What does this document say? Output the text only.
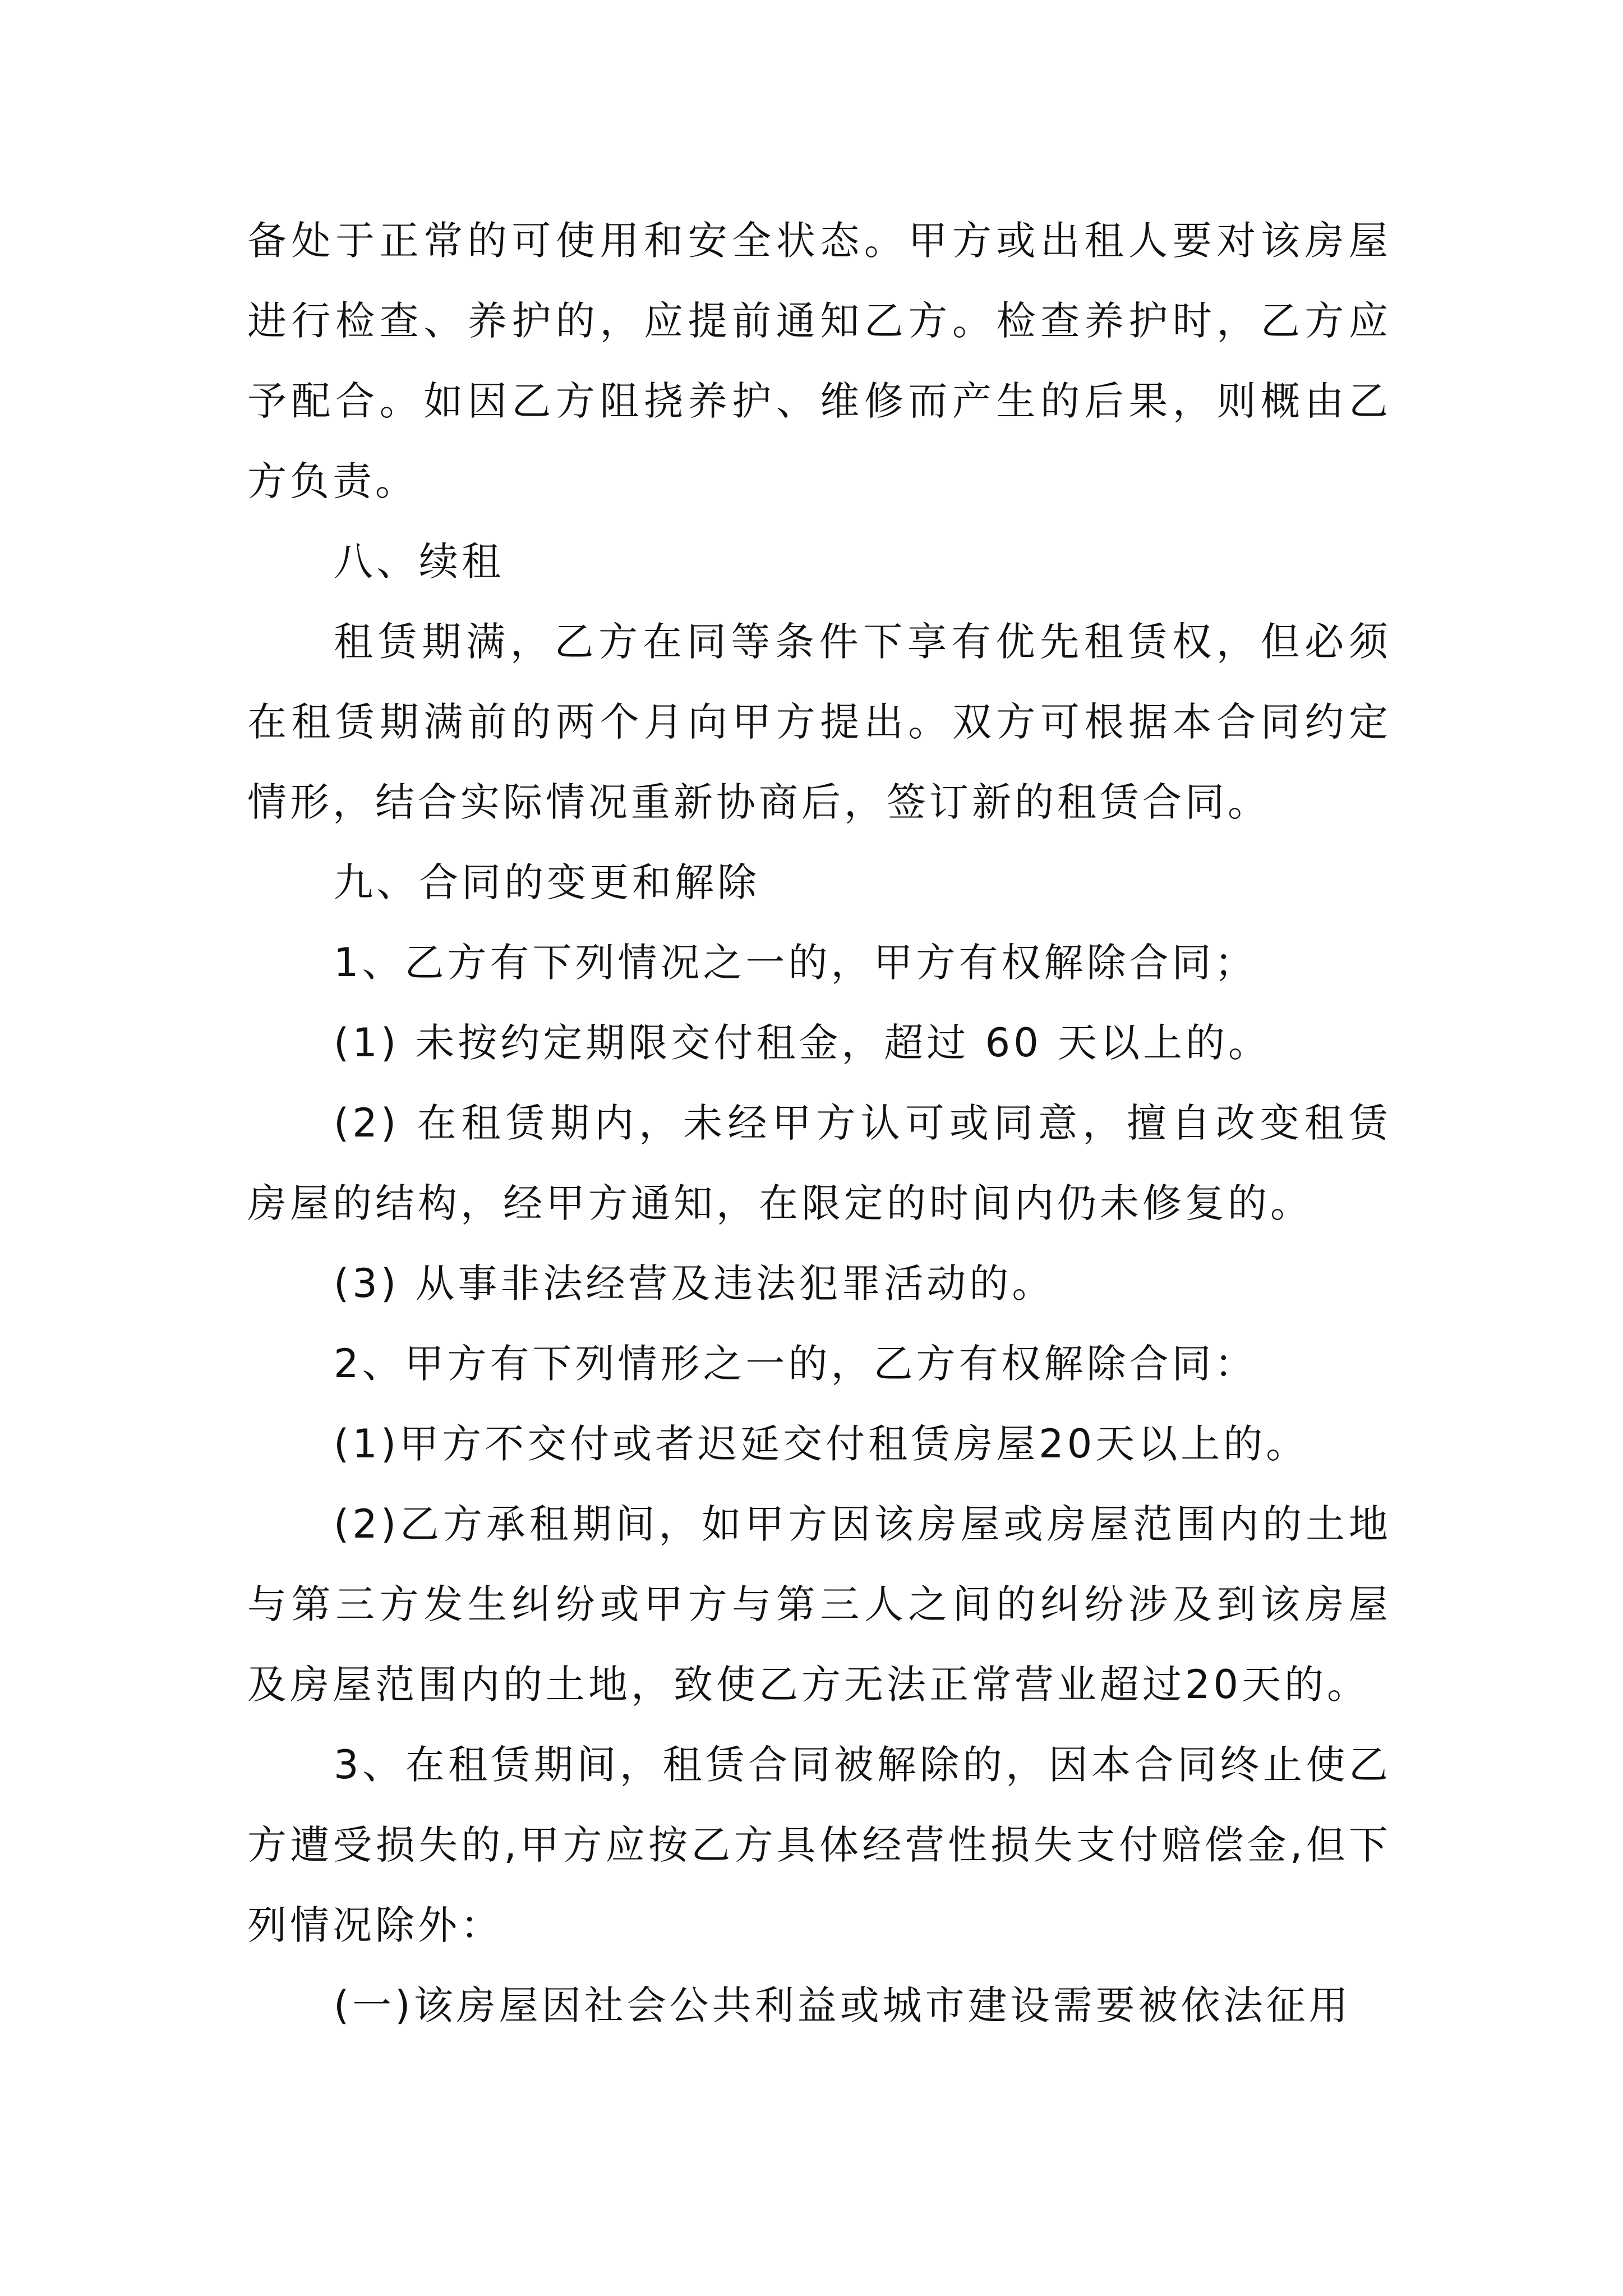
备处于正常的可使用和安全状态。甲方或出租人要对该房屋进行检查、养护的，应提前通知乙方。检查养护时，乙方应予配合。如因乙方阻挠养护、维修而产生的后果，则概由乙方负责。

八、续租

租赁期满，乙方在同等条件下享有优先租赁权，但必须在租赁期满前的两个月向甲方提出。双方可根据本合同约定情形，结合实际情况重新协商后，签订新的租赁合同。

九、合同的变更和解除

1、乙方有下列情况之一的，甲方有权解除合同；

(1) 未按约定期限交付租金，超过 60 天以上的。

(2) 在租赁期内，未经甲方认可或同意，擅自改变租赁房屋的结构，经甲方通知，在限定的时间内仍未修复的。

(3) 从事非法经营及违法犯罪活动的。

2、甲方有下列情形之一的，乙方有权解除合同：

(1)甲方不交付或者迟延交付租赁房屋20天以上的。

(2)乙方承租期间，如甲方因该房屋或房屋范围内的土地与第三方发生纠纷或甲方与第三人之间的纠纷涉及到该房屋及房屋范围内的土地，致使乙方无法正常营业超过20天的。

3、在租赁期间，租赁合同被解除的，因本合同终止使乙方遭受损失的,甲方应按乙方具体经营性损失支付赔偿金,但下列情况除外：

(一)该房屋因社会公共利益或城市建设需要被依法征用
